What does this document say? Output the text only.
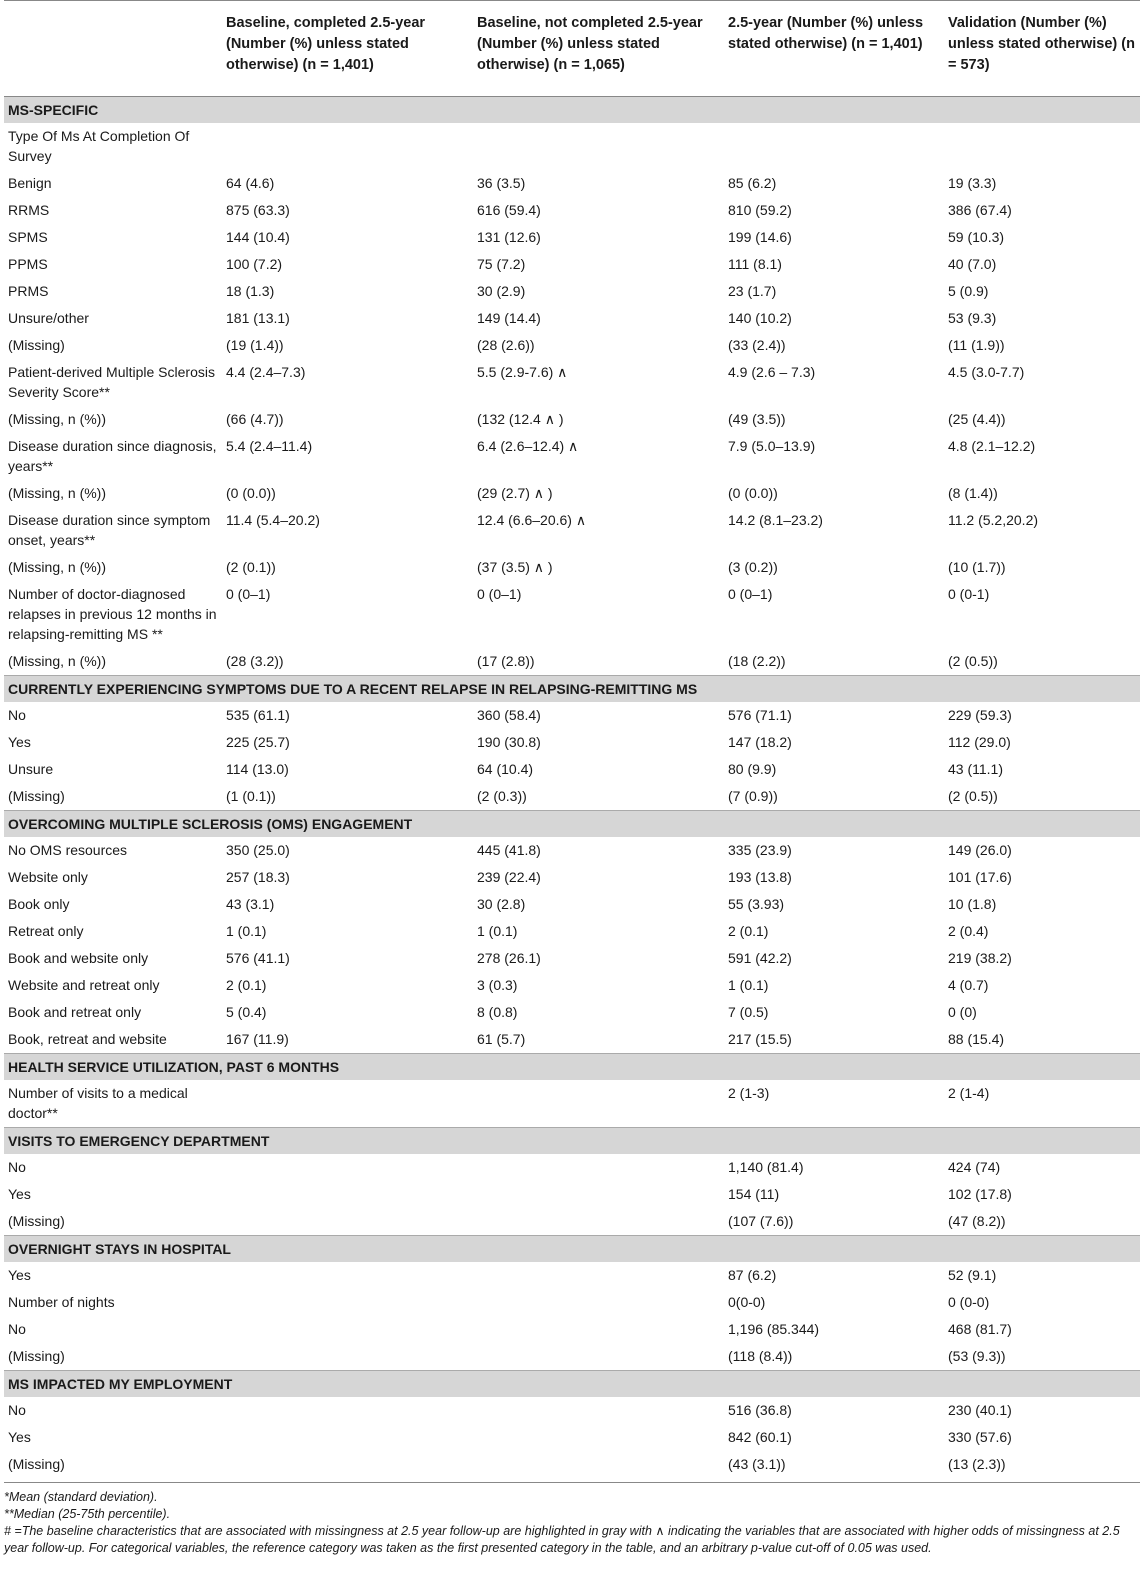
	Baseline, completed 2.5-year (Number (%) unless stated otherwise) (n = 1,401)	Baseline, not completed 2.5-year (Number (%) unless stated otherwise) (n = 1,065)	2.5-year (Number (%) unless stated otherwise) (n = 1,401)	Validation (Number (%) unless stated otherwise) (n = 573)
MS-SPECIFIC				
Type Of Ms At Completion Of Survey				
Benign	64 (4.6)	36 (3.5)	85 (6.2)	19 (3.3)
RRMS	875 (63.3)	616 (59.4)	810 (59.2)	386 (67.4)
SPMS	144 (10.4)	131 (12.6)	199 (14.6)	59 (10.3)
PPMS	100 (7.2)	75 (7.2)	111 (8.1)	40 (7.0)
PRMS	18 (1.3)	30 (2.9)	23 (1.7)	5 (0.9)
Unsure/other	181 (13.1)	149 (14.4)	140 (10.2)	53 (9.3)
(Missing)	(19 (1.4))	(28 (2.6))	(33 (2.4))	(11 (1.9))
Patient-derived Multiple Sclerosis Severity Score**	4.4 (2.4–7.3)	5.5 (2.9-7.6) ∧	4.9 (2.6 – 7.3)	4.5 (3.0-7.7)
(Missing, n (%))	(66 (4.7))	(132 (12.4 ∧ )	(49 (3.5))	(25 (4.4))
Disease duration since diagnosis, years**	5.4 (2.4–11.4)	6.4 (2.6–12.4) ∧	7.9 (5.0–13.9)	4.8 (2.1–12.2)
(Missing, n (%))	(0 (0.0))	(29 (2.7) ∧ )	(0 (0.0))	(8 (1.4))
Disease duration since symptom onset, years**	11.4 (5.4–20.2)	12.4 (6.6–20.6) ∧	14.2 (8.1–23.2)	11.2 (5.2,20.2)
(Missing, n (%))	(2 (0.1))	(37 (3.5) ∧ )	(3 (0.2))	(10 (1.7))
Number of doctor-diagnosed relapses in previous 12 months in relapsing-remitting MS **	0 (0–1)	0 (0–1)	0 (0–1)	0 (0-1)
(Missing, n (%))	(28 (3.2))	(17 (2.8))	(18 (2.2))	(2 (0.5))
CURRENTLY EXPERIENCING SYMPTOMS DUE TO A RECENT RELAPSE IN RELAPSING-REMITTING MS				
No	535 (61.1)	360 (58.4)	576 (71.1)	229 (59.3)
Yes	225 (25.7)	190 (30.8)	147 (18.2)	112 (29.0)
Unsure	114 (13.0)	64 (10.4)	80 (9.9)	43 (11.1)
(Missing)	(1 (0.1))	(2 (0.3))	(7 (0.9))	(2 (0.5))
OVERCOMING MULTIPLE SCLEROSIS (OMS) ENGAGEMENT				
No OMS resources	350 (25.0)	445 (41.8)	335 (23.9)	149 (26.0)
Website only	257 (18.3)	239 (22.4)	193 (13.8)	101 (17.6)
Book only	43 (3.1)	30 (2.8)	55 (3.93)	10 (1.8)
Retreat only	1 (0.1)	1 (0.1)	2 (0.1)	2 (0.4)
Book and website only	576 (41.1)	278 (26.1)	591 (42.2)	219 (38.2)
Website and retreat only	2 (0.1)	3 (0.3)	1 (0.1)	4 (0.7)
Book and retreat only	5 (0.4)	8 (0.8)	7 (0.5)	0 (0)
Book, retreat and website	167 (11.9)	61 (5.7)	217 (15.5)	88 (15.4)
HEALTH SERVICE UTILIZATION, PAST 6 MONTHS				
Number of visits to a medical doctor**			2 (1-3)	2 (1-4)
VISITS TO EMERGENCY DEPARTMENT				
No			1,140 (81.4)	424 (74)
Yes			154 (11)	102 (17.8)
(Missing)			(107 (7.6))	(47 (8.2))
OVERNIGHT STAYS IN HOSPITAL				
Yes			87 (6.2)	52 (9.1)
Number of nights			0(0-0)	0 (0-0)
No			1,196 (85.344)	468 (81.7)
(Missing)			(118 (8.4))	(53 (9.3))
MS IMPACTED MY EMPLOYMENT				
No			516 (36.8)	230 (40.1)
Yes			842 (60.1)	330 (57.6)
(Missing)			(43 (3.1))	(13 (2.3))
*Mean (standard deviation).
**Median (25-75th percentile).
# =The baseline characteristics that are associated with missingness at 2.5 year follow-up are highlighted in gray with ∧ indicating the variables that are associated with higher odds of missingness at 2.5 year follow-up. For categorical variables, the reference category was taken as the first presented category in the table, and an arbitrary p-value cut-off of 0.05 was used.
